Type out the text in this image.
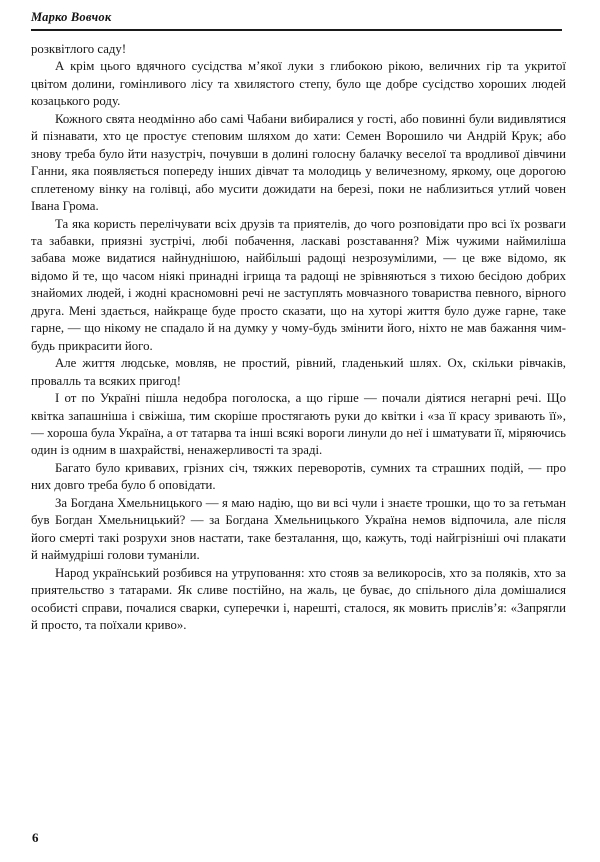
Марко Вовчок

розквітлого саду!

А крім цього вдячного сусідства м’якої луки з глибокою рікою, величних гір та укритої цвітом долини, гомінливого лісу та хвилястого степу, було ще добре сусідство хороших людей козацького роду.

Кожного свята неодмінно або самі Чабани вибиралися у гості, або повинні були видивлятися й пізнавати, хто це простує степовим шляхом до хати: Семен Ворошило чи Андрій Крук; або знову треба було йти назустріч, почувши в долині голосну балачку веселої та вродливої дівчини Ганни, яка появляється попереду інших дівчат та молодиць у величезному, яркому, оце дорогою сплетеному вінку на голівці, або мусити дожидати на березі, поки не наблизиться утлий човен Івана Грома.

Та яка користь перелічувати всіх друзів та приятелів, до чого розповідати про всі їх розваги та забавки, приязні зустрічі, любі побачення, ласкаві розставання? Між чужими наймиліша забава може видатися найнуднішою, найбільші радощі незрозумілими, — це вже відомо, як відомо й те, що часом ніякі принадні ігрища та радощі не зрівняються з тихою бесідою добрих знайомих людей, і жодні красномовні речі не заступлять мовчазного товариства певного, вірного друга. Мені здається, найкраще буде просто сказати, що на хуторі життя було дуже гарне, таке гарне, — що нікому не спадало й на думку у чому-будь змінити його, ніхто не мав бажання чим-будь прикрасити його.

Але життя людське, мовляв, не простий, рівний, гладенький шлях. Ох, скільки рівчаків, провалль та всяких пригод!

І от по Україні пішла недобра поголоска, а що гірше — почали діятися негарні речі. Що квітка запашніша і свіжіша, тим скоріше простягають руки до квітки і «за її красу зривають її», — хороша була Україна, а от татарва та інші всякі вороги линули до неї і шматувати її, міряючись один із одним в шахрайстві, ненажерливості та зраді.

Багато було кривавих, грізних січ, тяжких переворотів, сумних та страшних подій, — про них довго треба було б оповідати.

За Богдана Хмельницького — я маю надію, що ви всі чули і знаєте трошки, що то за гетьман був Богдан Хмельницький? — за Богдана Хмельницького Україна немов відпочила, але після його смерті такі розрухи знов настати, таке безталання, що, кажуть, тоді найгрізніші очі плакати й наймудріші голови туманіли.

Народ український розбився на утруповання: хто стояв за великоросів, хто за поляків, хто за приятельство з татарами. Як сливе постійно, на жаль, це буває, до спільного діла домішалися особисті справи, почалися сварки, суперечки і, нарешті, сталося, як мовить прислів’я: «Запрягли й просто, та поїхали криво».

6
